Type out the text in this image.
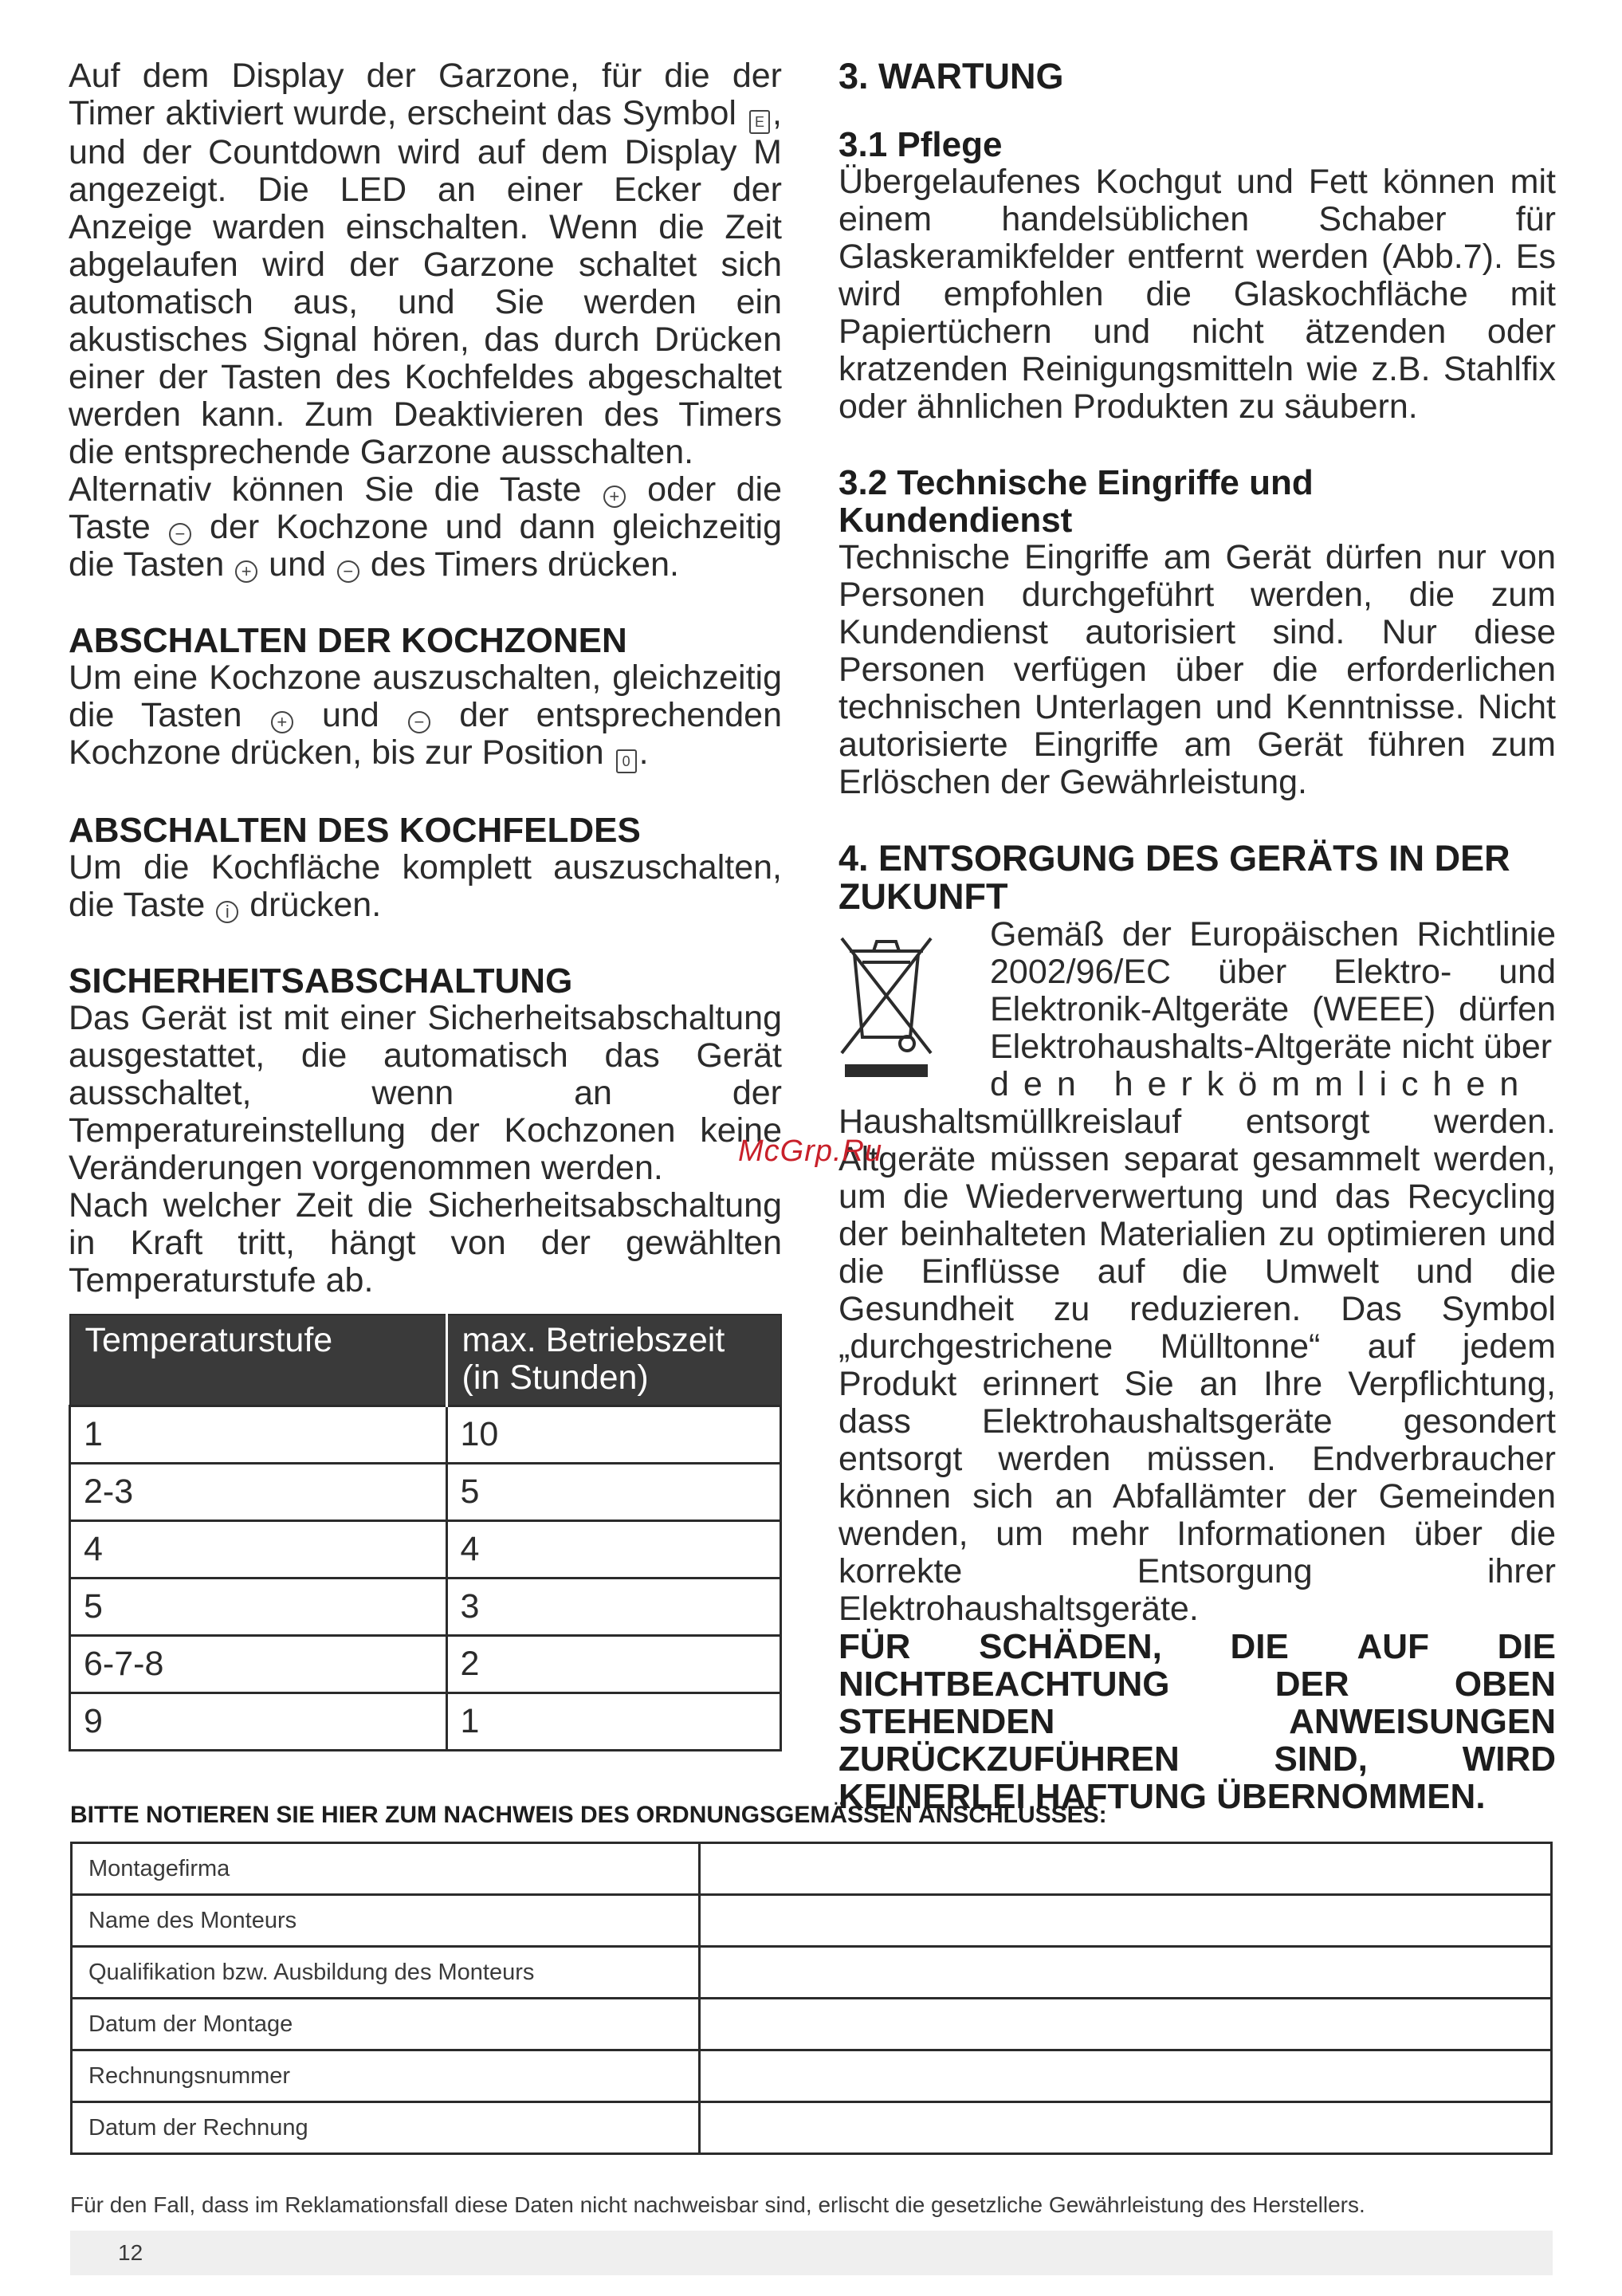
Auf dem Display der Garzone, für die der Timer aktiviert wurde, erscheint das Symbol E , und der Countdown wird auf dem Display M angezeigt. Die LED an einer Ecker der Anzeige warden einschalten. Wenn die Zeit abgelaufen wird der Garzone schaltet sich automatisch aus, und Sie werden ein akustisches Signal hören, das durch Drücken einer der Tasten des Kochfeldes abgeschaltet werden kann. Zum Deaktivieren des Timers die entsprechende Garzone ausschalten.

Alternativ können Sie die Taste + oder die Taste − der Kochzone und dann gleichzeitig die Tasten + und − des Timers drücken.

ABSCHALTEN DER KOCHZONEN

Um eine Kochzone auszuschalten, gleichzeitig die Tasten + und − der entsprechenden Kochzone drücken, bis zur Position 0 .

ABSCHALTEN DES KOCHFELDES

Um die Kochfläche komplett auszuschalten, die Taste i drücken.

SICHERHEITSABSCHALTUNG

Das Gerät ist mit einer Sicherheitsabschaltung ausgestattet, die automatisch das Gerät ausschaltet, wenn an der Temperatureinstellung der Kochzonen keine Veränderungen vorgenommen werden.

Nach welcher Zeit die Sicherheitsabschaltung in Kraft tritt, hängt von der gewählten Temperaturstufe ab.

Temperaturstufe	max. Betriebszeit (in Stunden)
1	10
2-3	5
4	4
5	3
6-7-8	2
9	1

3. WARTUNG

3.1 Pflege

Übergelaufenes Kochgut und Fett können mit einem handelsüblichen Schaber für Glaskeramikfelder entfernt werden (Abb.7). Es wird empfohlen die Glaskochfläche mit Papiertüchern und nicht ätzenden oder kratzenden Reinigungsmitteln wie z.B. Stahlfix oder ähnlichen Produkten zu säubern.

3.2 Technische Eingriffe und Kundendienst

Technische Eingriffe am Gerät dürfen nur von Personen durchgeführt werden, die zum Kundendienst autorisiert sind. Nur diese Personen verfügen über die erforderlichen technischen Unterlagen und Kenntnisse. Nicht autorisierte Eingriffe am Gerät führen zum Erlöschen der Gewährleistung.

4. ENTSORGUNG DES GERÄTS IN DER ZUKUNFT

Gemäß der Europäischen Richtlinie 2002/96/EC über Elektro- und Elektronik-Altgeräte (WEEE) dürfen Elektrohaushalts-Altgeräte nicht über

den herkömmlichen

Haushaltsmüllkreislauf entsorgt werden. Altgeräte müssen separat gesammelt werden, um die Wiederverwertung und das Recycling der beinhalteten Materialien zu optimieren und die Einflüsse auf die Umwelt und die Gesundheit zu reduzieren. Das Symbol „durchgestrichene Mülltonne“ auf jedem Produkt erinnert Sie an Ihre Verpflichtung, dass Elektrohaushaltsgeräte gesondert entsorgt werden müssen. Endverbraucher können sich an Abfallämter der Gemeinden wenden, um mehr Informationen über die korrekte Entsorgung ihrer Elektrohaushaltsgeräte.

FÜR SCHÄDEN, DIE AUF DIE
NICHTBEACHTUNG	DER	OBEN
STEHENDEN	ANWEISUNGEN
ZURÜCKZUFÜHREN	SIND,	WIRD
KEINERLEI HAFTUNG ÜBERNOMMEN.
McGrp.Ru
BITTE NOTIEREN SIE HIER ZUM NACHWEIS DES ORDNUNGSGEMÄSSEN ANSCHLUSSES:
Montagefirma	
Name des Monteurs	
Qualifikation bzw. Ausbildung des Monteurs	
Datum der Montage	
Rechnungsnummer	
Datum der Rechnung	
Für den Fall, dass im Reklamationsfall diese Daten nicht nachweisbar sind, erlischt die gesetzliche Gewährleistung des Herstellers.
12
